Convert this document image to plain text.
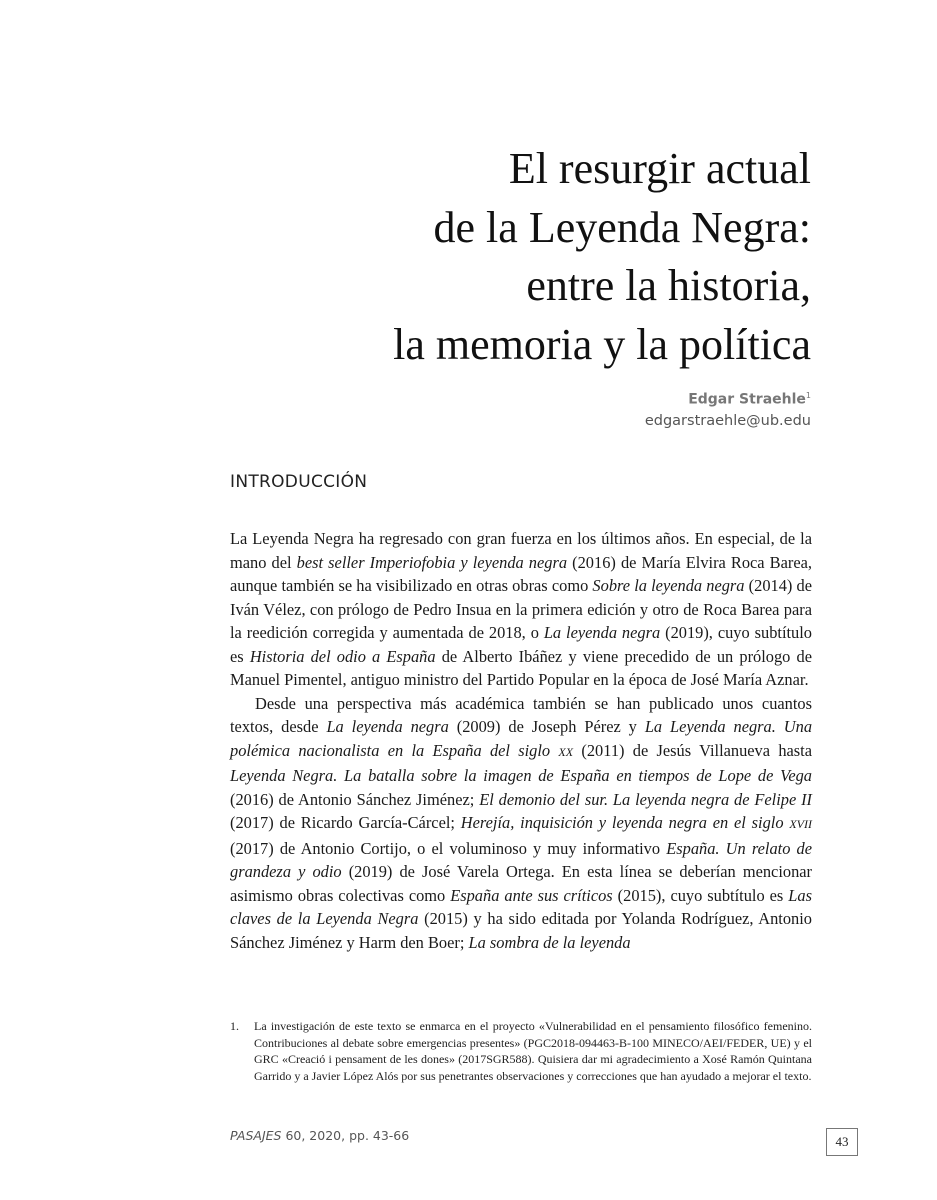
El resurgir actual
de la Leyenda Negra:
entre la historia,
la memoria y la política
Edgar Straehle$^1$
edgarstraehle@ub.edu
INTRODUCCIÓN

La Leyenda Negra ha regresado con gran fuerza en los últimos años. En especial, de la mano del best seller Imperiofobia y leyenda negra (2016) de María Elvira Roca Barea, aunque también se ha visibilizado en otras obras como Sobre la leyenda negra (2014) de Iván Vélez, con prólogo de Pedro Insua en la primera edición y otro de Roca Barea para la reedición corregida y aumentada de 2018, o La leyenda negra (2019), cuyo subtítulo es Historia del odio a España de Alberto Ibáñez y viene precedido de un prólogo de Manuel Pimentel, antiguo ministro del Partido Popular en la época de José María Aznar.

Desde una perspectiva más académica también se han publicado unos cuantos textos, desde La leyenda negra (2009) de Joseph Pérez y La Leyenda negra. Una polémica nacionalista en la España del siglo XX (2011) de Jesús Villanueva hasta Leyenda Negra. La batalla sobre la imagen de España en tiempos de Lope de Vega (2016) de Antonio Sánchez Jiménez; El demonio del sur. La leyenda negra de Felipe II (2017) de Ricardo García-Cárcel; Herejía, inquisición y leyenda negra en el siglo XVII (2017) de Antonio Cortijo, o el voluminoso y muy informativo España. Un relato de grandeza y odio (2019) de José Varela Ortega. En esta línea se deberían mencionar asimismo obras colectivas como España ante sus críticos (2015), cuyo subtítulo es Las claves de la Leyenda Negra (2015) y ha sido editada por Yolanda Rodríguez, Antonio Sánchez Jiménez y Harm den Boer; La sombra de la leyenda

1. La investigación de este texto se enmarca en el proyecto «Vulnerabilidad en el pensamiento filosófico femenino. Contribuciones al debate sobre emergencias presentes» (PGC2018-094463-B-100 MINECO/AEI/FEDER, UE) y el GRC «Creació i pensament de les dones» (2017SGR588). Quisiera dar mi agradecimiento a Xosé Ramón Quintana Garrido y a Javier López Alós por sus penetrantes observaciones y correcciones que han ayudado a mejorar el texto.
PASAJES 60, 2020, pp. 43-66	43
